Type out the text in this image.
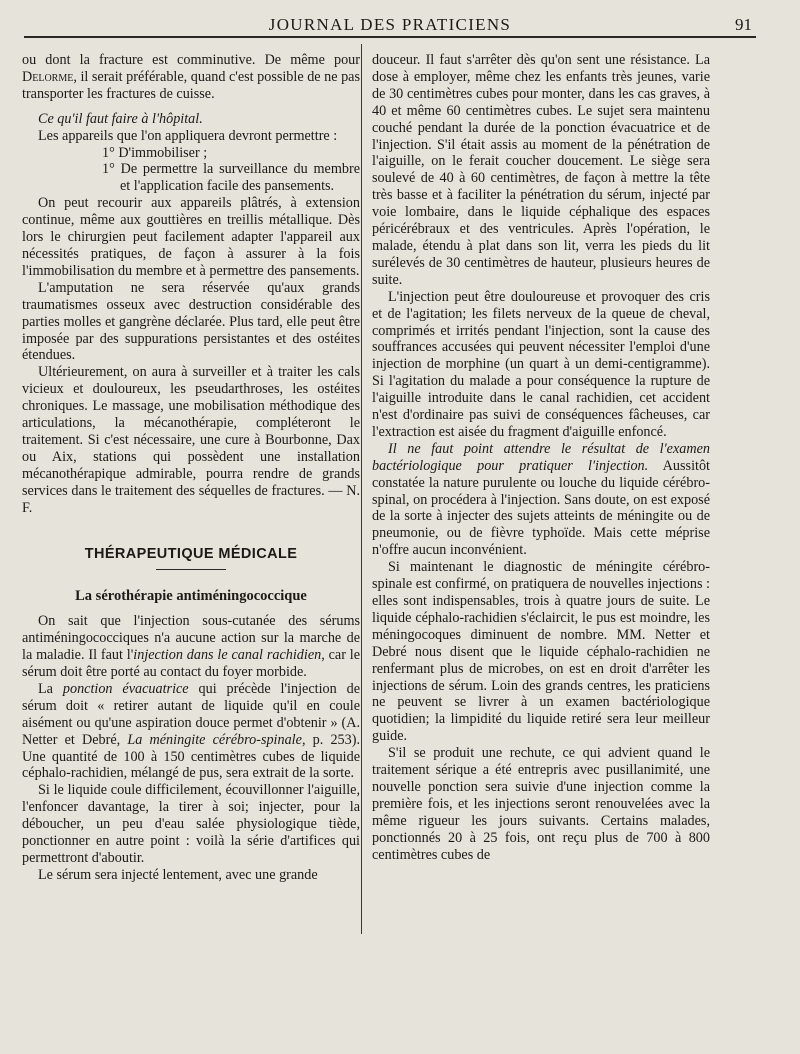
JOURNAL DES PRATICIENS	91

ou dont la fracture est comminutive. De même pour Delorme, il serait préférable, quand c'est possible de ne pas transporter les fractures de cuisse.

Ce qu'il faut faire à l'hôpital.

Les appareils que l'on appliquera devront permettre :

1° D'immobiliser ;

1° De permettre la surveillance du membre et l'application facile des pansements.

On peut recourir aux appareils plâtrés, à extension continue, même aux gouttières en treillis métallique. Dès lors le chirurgien peut facilement adapter l'appareil aux nécessités pratiques, de façon à assurer à la fois l'immobilisation du membre et à permettre des pansements.

L'amputation ne sera réservée qu'aux grands traumatismes osseux avec destruction considérable des parties molles et gangrène déclarée. Plus tard, elle peut être imposée par des suppurations persistantes et des ostéites étendues.

Ultérieurement, on aura à surveiller et à traiter les cals vicieux et douloureux, les pseudarthroses, les ostéites chroniques. Le massage, une mobilisation méthodique des articulations, la mécanothérapie, compléteront le traitement. Si c'est nécessaire, une cure à Bourbonne, Dax ou Aix, stations qui possèdent une installation mécanothérapique admirable, pourra rendre de grands services dans le traitement des séquelles de fractures. — N. F.

THÉRAPEUTIQUE MÉDICALE
La sérothérapie antiméningococcique

On sait que l'injection sous-cutanée des sérums antiméningococciques n'a aucune action sur la marche de la maladie. Il faut l'injection dans le canal rachidien, car le sérum doit être porté au contact du foyer morbide.

La ponction évacuatrice qui précède l'injection de sérum doit « retirer autant de liquide qu'il en coule aisément ou qu'une aspiration douce permet d'obtenir » (A. Netter et Debré, La méningite cérébro-spinale, p. 253). Une quantité de 100 à 150 centimètres cubes de liquide céphalo-rachidien, mélangé de pus, sera extrait de la sorte.

Si le liquide coule difficilement, écouvillonner l'aiguille, l'enfoncer davantage, la tirer à soi; injecter, pour la déboucher, un peu d'eau salée physiologique tiède, ponctionner en autre point : voilà la série d'artifices qui permettront d'aboutir.

Le sérum sera injecté lentement, avec une grande

douceur. Il faut s'arrêter dès qu'on sent une résistance. La dose à employer, même chez les enfants très jeunes, varie de 30 centimètres cubes pour monter, dans les cas graves, à 40 et même 60 centimètres cubes. Le sujet sera maintenu couché pendant la durée de la ponction évacuatrice et de l'injection. S'il était assis au moment de la pénétration de l'aiguille, on le ferait coucher doucement. Le siège sera soulevé de 40 à 60 centimètres, de façon à mettre la tête très basse et à faciliter la pénétration du sérum, injecté par voie lombaire, dans le liquide céphalique des espaces péricérébraux et des ventricules. Après l'opération, le malade, étendu à plat dans son lit, verra les pieds du lit surélevés de 30 centimètres de hauteur, plusieurs heures de suite.

L'injection peut être douloureuse et provoquer des cris et de l'agitation; les filets nerveux de la queue de cheval, comprimés et irrités pendant l'injection, sont la cause des souffrances accusées qui peuvent nécessiter l'emploi d'une injection de morphine (un quart à un demi-centigramme). Si l'agitation du malade a pour conséquence la rupture de l'aiguille introduite dans le canal rachidien, cet accident n'est d'ordinaire pas suivi de conséquences fâcheuses, car l'extraction est aisée du fragment d'aiguille enfoncé.

Il ne faut point attendre le résultat de l'examen bactériologique pour pratiquer l'injection. Aussitôt constatée la nature purulente ou louche du liquide cérébro-spinal, on procédera à l'injection. Sans doute, on est exposé de la sorte à injecter des sujets atteints de méningite ou de pneumonie, ou de fièvre typhoïde. Mais cette méprise n'offre aucun inconvénient.

Si maintenant le diagnostic de méningite cérébro-spinale est confirmé, on pratiquera de nouvelles injections : elles sont indispensables, trois à quatre jours de suite. Le liquide céphalo-rachidien s'éclaircit, le pus est moindre, les méningocoques diminuent de nombre. MM. Netter et Debré nous disent que le liquide céphalo-rachidien ne renfermant plus de microbes, on est en droit d'arrêter les injections de sérum. Loin des grands centres, les praticiens ne peuvent se livrer à un examen bactériologique quotidien; la limpidité du liquide retiré sera leur meilleur guide.

S'il se produit une rechute, ce qui advient quand le traitement sérique a été entrepris avec pusillanimité, une nouvelle ponction sera suivie d'une injection comme la première fois, et les injections seront renouvelées avec la même rigueur les jours suivants. Certains malades, ponctionnés 20 à 25 fois, ont reçu plus de 700 à 800 centimètres cubes de
